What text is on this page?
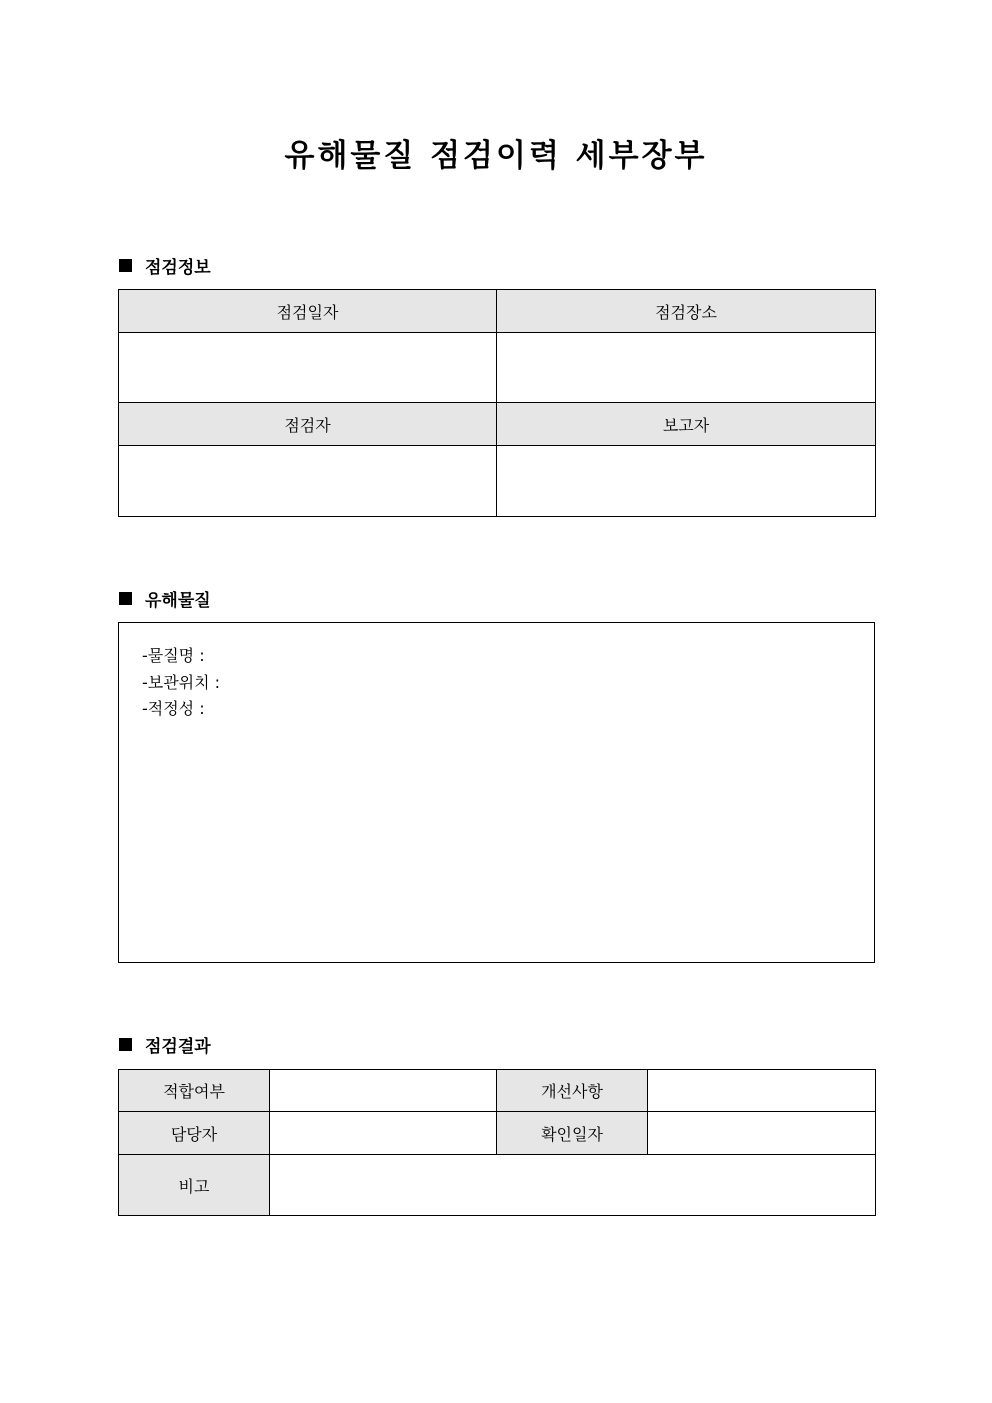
유해물질 점검이력 세부장부
점검정보
점검일자	점검장소

점검자	보고자

유해물질
-물질명 :
-보관위치 :
-적정성 :
점검결과
적합여부		개선사항	
담당자		확인일자	
비고			
